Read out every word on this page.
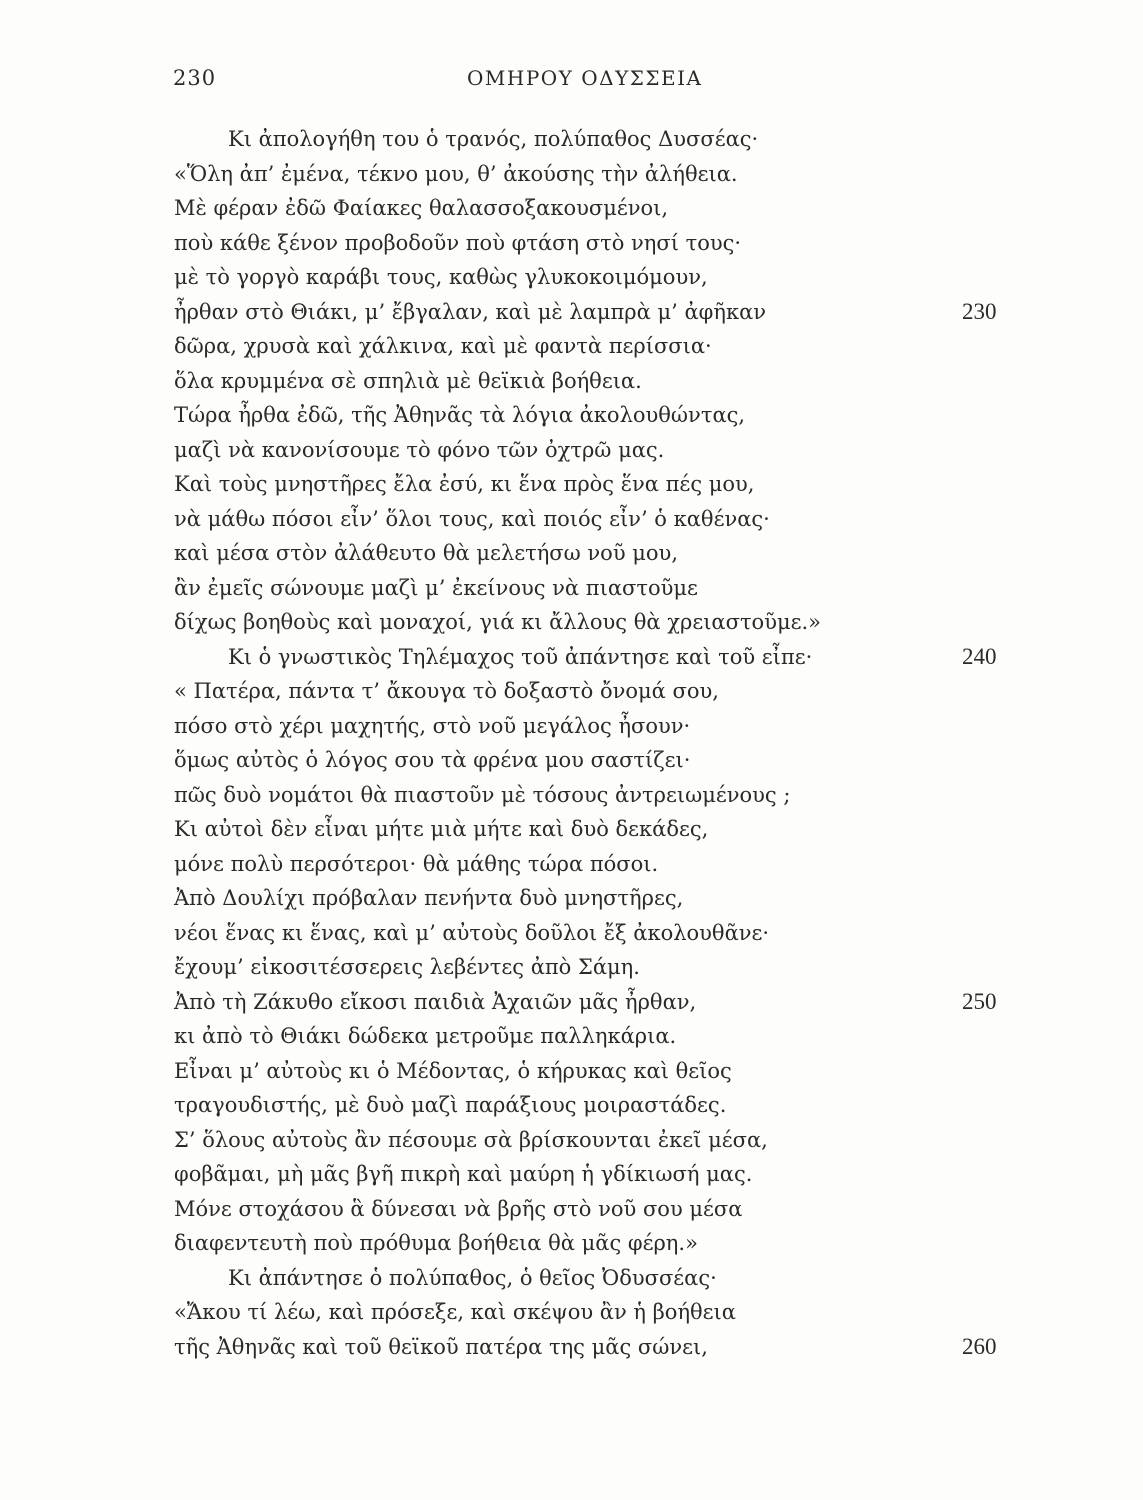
230	ΟΜΗΡΟΥ ΟΔΥΣΣΕΙΑ
Κι ἀπολογήθη του ὁ τρανός, πολύπαθος Δυσσέας·
«Ὅλη ἀπ’ ἐμένα, τέκνο μου, θ’ ἀκούσης τὴν ἀλήθεια.
Μὲ φέραν ἐδῶ Φαίακες θαλασσοξακουσμένοι,
ποὺ κάθε ξένον προβοδοῦν ποὺ φτάση στὸ νησί τους·
μὲ τὸ γοργὸ καράβι τους, καθὼς γλυκοκοιμόμουν,
ἦρθαν στὸ Θιάκι, μ’ ἔβγαλαν, καὶ μὲ λαμπρὰ μ’ ἀφῆκαν	230
δῶρα, χρυσὰ καὶ χάλκινα, καὶ μὲ φαντὰ περίσσια·
ὅλα κρυμμένα σὲ σπηλιὰ μὲ θεϊκιὰ βοήθεια.
Τώρα ἦρθα ἐδῶ, τῆς Ἀθηνᾶς τὰ λόγια ἀκολουθώντας,
μαζὶ νὰ κανονίσουμε τὸ φόνο τῶν ὀχτρῶ μας.
Καὶ τοὺς μνηστῆρες ἔλα ἐσύ, κι ἕνα πρὸς ἕνα πές μου,
νὰ μάθω πόσοι εἶν’ ὅλοι τους, καὶ ποιός εἶν’ ὁ καθένας·
καὶ μέσα στὸν ἀλάθευτο θὰ μελετήσω νοῦ μου,
ἂν ἐμεῖς σώνουμε μαζὶ μ’ ἐκείνους νὰ πιαστοῦμε
δίχως βοηθοὺς καὶ μοναχοί, γιά κι ἄλλους θὰ χρειαστοῦμε.»
Κι ὁ γνωστικὸς Τηλέμαχος τοῦ ἀπάντησε καὶ τοῦ εἶπε·	240
« Πατέρα, πάντα τ’ ἄκουγα τὸ δοξαστὸ ὄνομά σου,
πόσο στὸ χέρι μαχητής, στὸ νοῦ μεγάλος ἦσουν·
ὅμως αὐτὸς ὁ λόγος σου τὰ φρένα μου σαστίζει·
πῶς δυὸ νομάτοι θὰ πιαστοῦν μὲ τόσους ἀντρειωμένους ;
Κι αὐτοὶ δὲν εἶναι μήτε μιὰ μήτε καὶ δυὸ δεκάδες,
μόνε πολὺ περσότεροι· θὰ μάθης τώρα πόσοι.
Ἀπὸ Δουλίχι πρόβαλαν πενήντα δυὸ μνηστῆρες,
νέοι ἕνας κι ἕνας, καὶ μ’ αὐτοὺς δοῦλοι ἔξ ἀκολουθᾶνε·
ἔχουμ’ εἰκοσιτέσσερεις λεβέντες ἀπὸ Σάμη.
Ἀπὸ τὴ Ζάκυθο εἴκοσι παιδιὰ Ἀχαιῶν μᾶς ἦρθαν,	250
κι ἀπὸ τὸ Θιάκι δώδεκα μετροῦμε παλληκάρια.
Εἶναι μ’ αὐτοὺς κι ὁ Μέδοντας, ὁ κήρυκας καὶ θεῖος
τραγουδιστής, μὲ δυὸ μαζὶ παράξιους μοιραστάδες.
Σ’ ὅλους αὐτοὺς ἂν πέσουμε σὰ βρίσκουνται ἐκεῖ μέσα,
φοβᾶμαι, μὴ μᾶς βγῆ πικρὴ καὶ μαύρη ἡ γδίκιωσή μας.
Μόνε στοχάσου ἃ δύνεσαι νὰ βρῆς στὸ νοῦ σου μέσα
διαφεντευτὴ ποὺ πρόθυμα βοήθεια θὰ μᾶς φέρη.»
Κι ἀπάντησε ὁ πολύπαθος, ὁ θεῖος Ὀδυσσέας·
«Ἄκου τί λέω, καὶ πρόσεξε, καὶ σκέψου ἂν ἡ βοήθεια
τῆς Ἀθηνᾶς καὶ τοῦ θεϊκοῦ πατέρα της μᾶς σώνει,	260
